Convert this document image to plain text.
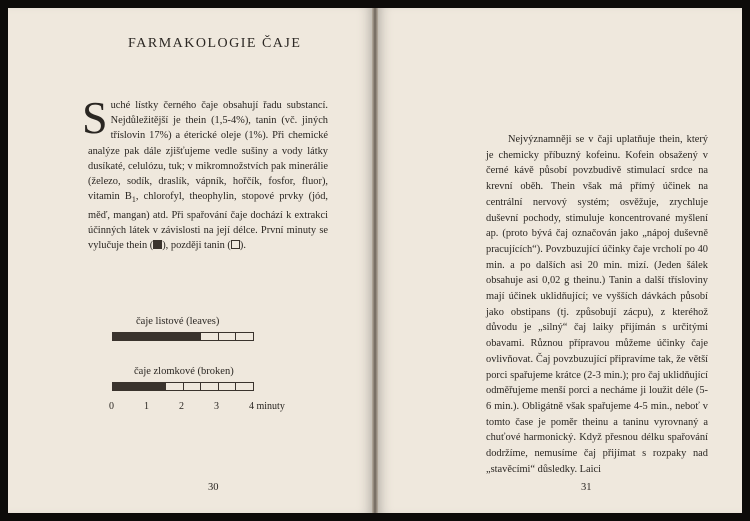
FARMAKOLOGIE ČAJE
Suché lístky černého čaje obsahují řadu substancí. Nejdůležitější je thein (1,5-4%), tanin (vč. jiných tříslovin 17%) a éterické oleje (1%). Při chemické analýze pak dále zjišťujeme vedle sušiny a vody látky dusíkaté, celulózu, tuk; v mikromnožstvích pak minerálie (železo, sodík, draslík, vápník, hořčík, fosfor, fluor), vitamin $B_1$, chlorofyl, theophylin, stopové prvky (jód, měď, mangan) atd. Při spařování čaje dochází k extrakci účinných látek v závislosti na její délce. První minuty se vylučuje thein ( ), později tanin ( ).
čaje listové (leaves)
čaje zlomkové (broken)
0	1	2	3	4 minuty
30
Nejvýznamněji se v čaji uplatňuje thein, který je chemicky příbuzný kofeinu. Kofein obsažený v černé kávě působí povzbudivě stimulací srdce na krevní oběh. Thein však má přímý účinek na centrální nervový systém; osvěžuje, zrychluje duševní pochody, stimuluje koncentrované myšlení ap. (proto bývá čaj označován jako „nápoj duševně pracujících“). Povzbuzující účinky čaje vrcholí po 40 min. a po dalších asi 20 min. mizí. (Jeden šálek obsahuje asi 0,02 g theinu.) Tanin a další třísloviny mají účinek uklidňující; ve vyšších dávkách působí jako obstipans (tj. způsobují zácpu), z kteréhož důvodu je „silný“ čaj laiky přijímán s určitými obavami. Různou přípravou můžeme účinky čaje ovlivňovat. Čaj povzbuzující připravíme tak, že větší porci spařujeme krátce (2-3 min.); pro čaj uklidňující odměřujeme menší porci a necháme ji loužit déle (5-6 min.). Obligátně však spařujeme 4-5 min., neboť v tomto čase je poměr theinu a taninu vyrovnaný a chuťové harmonický. Když přesnou délku spařování dodržíme, nemusíme čaj přijímat s rozpaky nad „stavěcími“ důsledky. Laici
31
